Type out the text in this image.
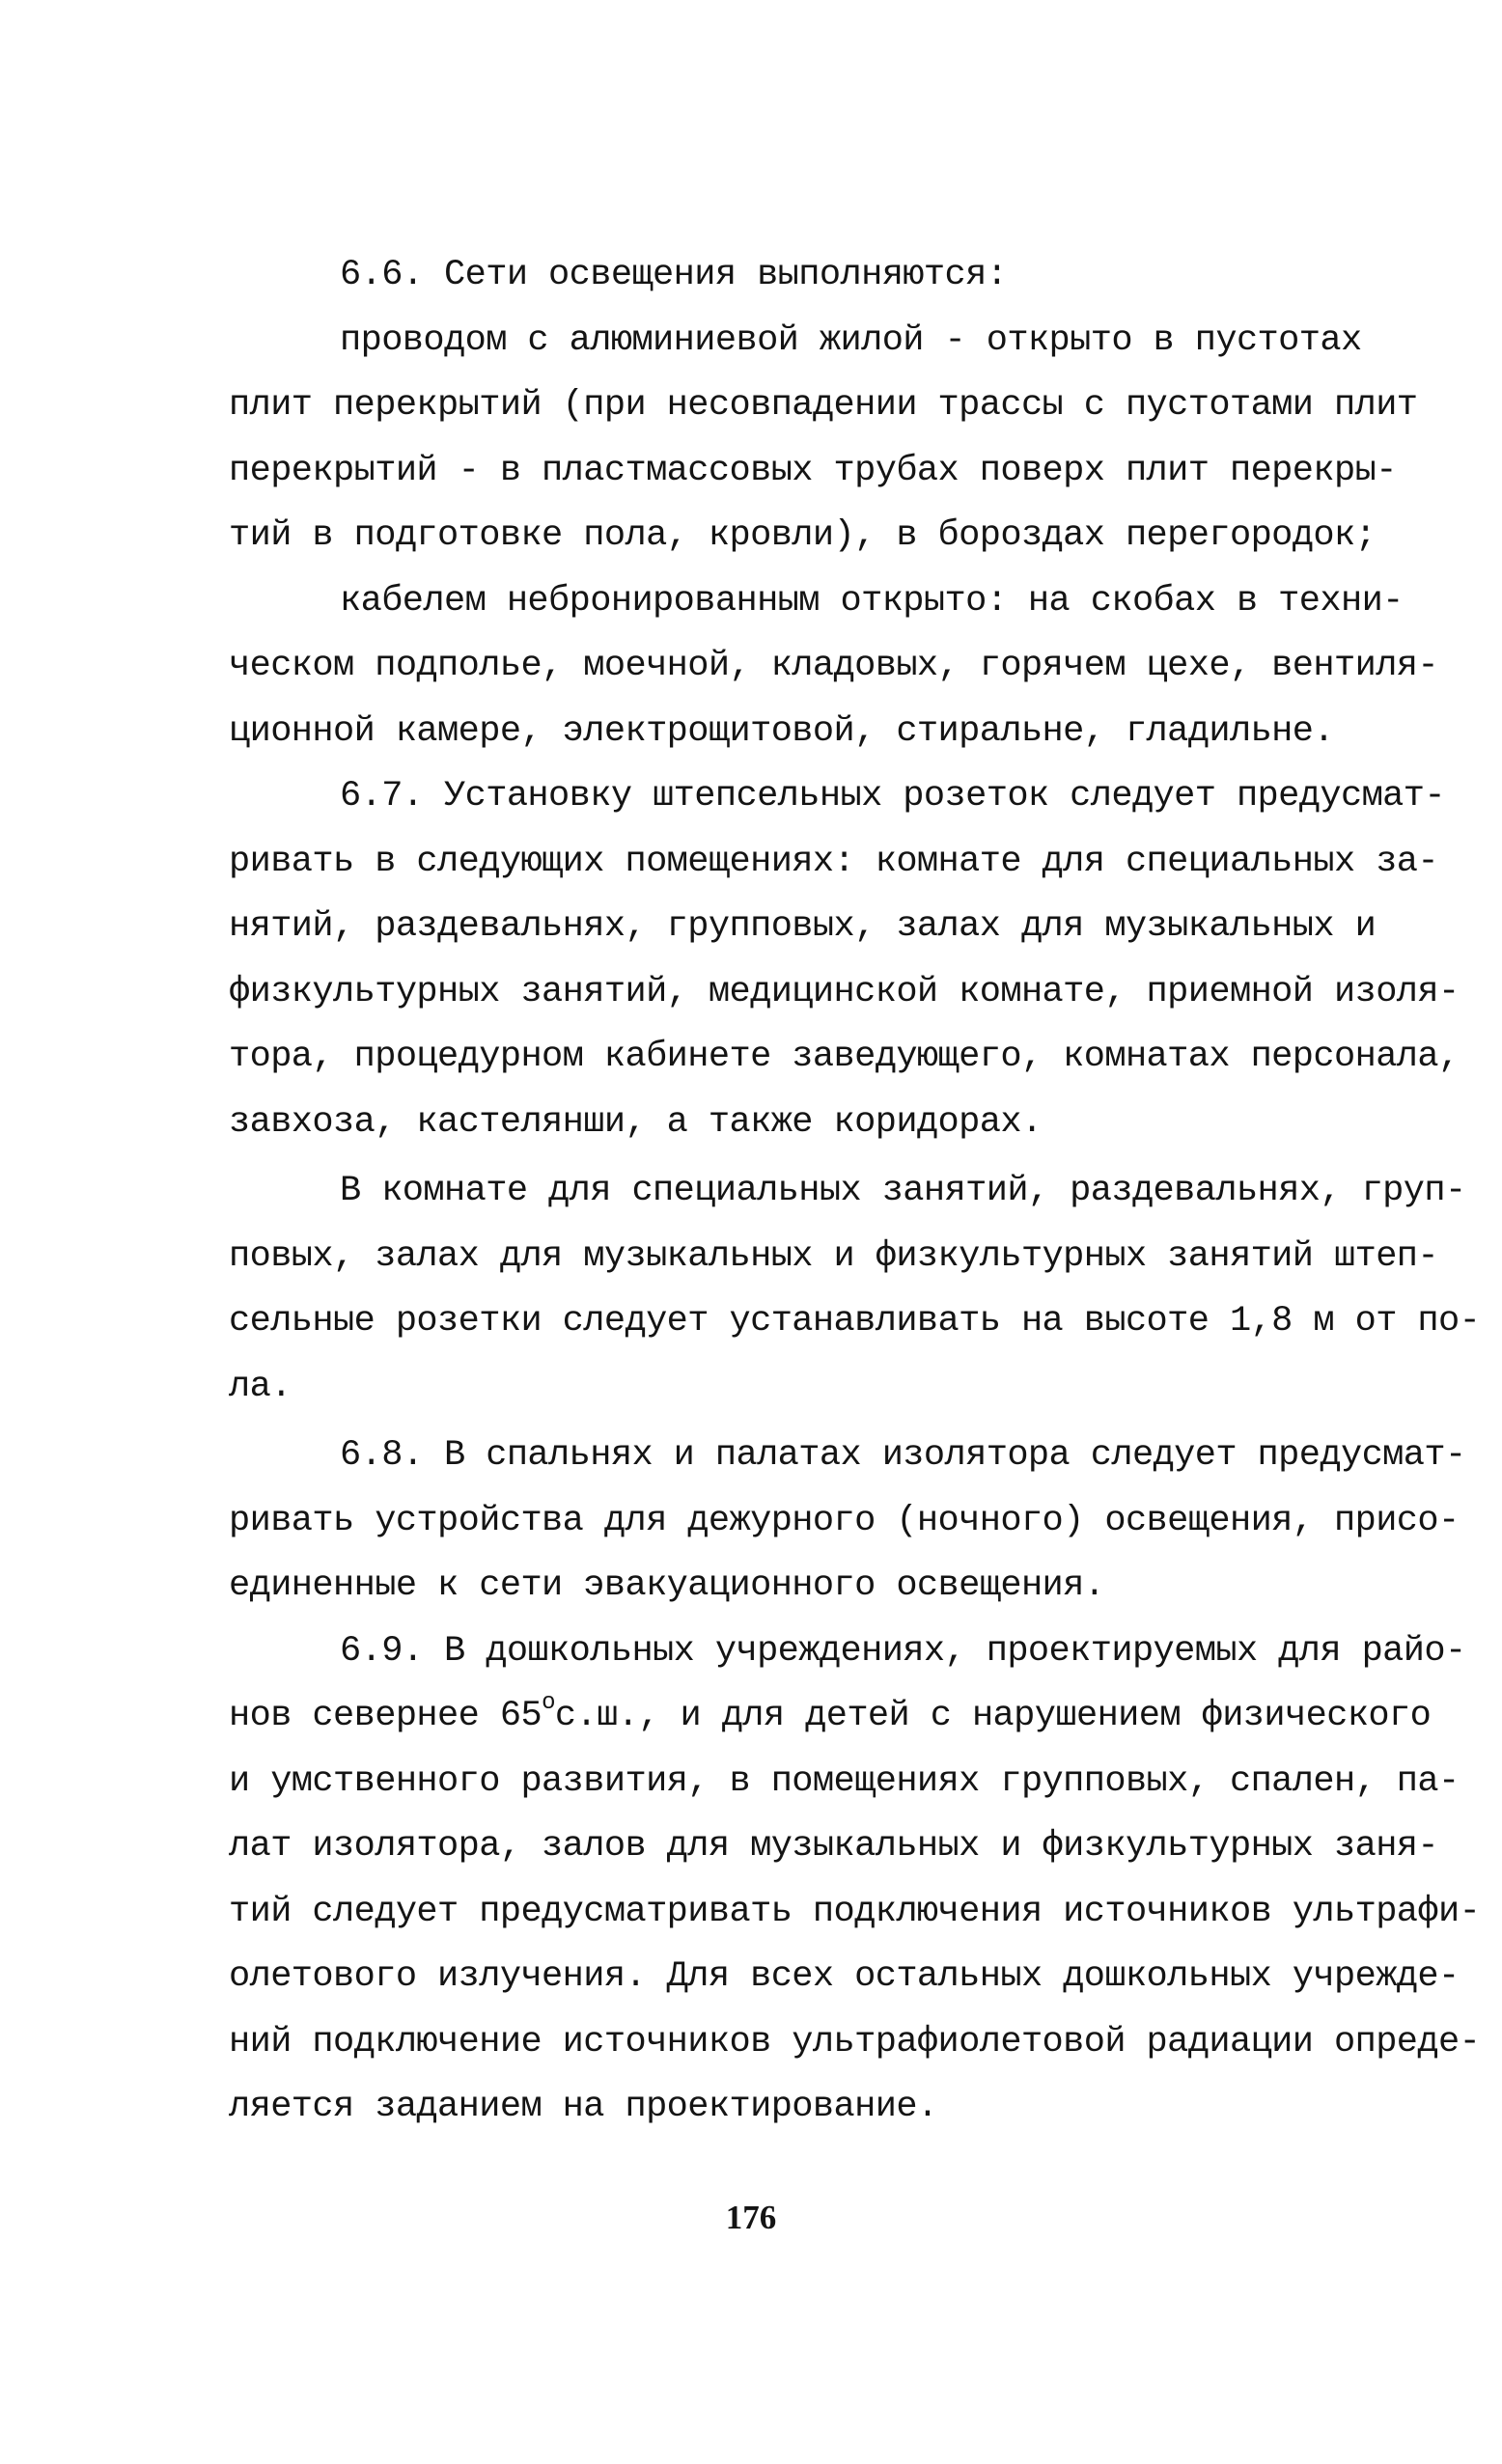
6.6. Сети освещения выполняются:
проводом с алюминиевой жилой - открыто в пустотах
плит перекрытий (при несовпадении трассы с пустотами плит
перекрытий - в пластмассовых трубах поверх плит перекры-
тий в подготовке пола, кровли), в бороздах перегородок;
кабелем небронированным открыто: на скобах в техни-
ческом подполье, моечной, кладовых, горячем цехе, вентиля-
ционной камере, электрощитовой, стиральне, гладильне.
6.7. Установку штепсельных розеток следует предусмат-
ривать в следующих помещениях: комнате для специальных за-
нятий, раздевальнях, групповых, залах для музыкальных и
физкультурных занятий, медицинской комнате, приемной изоля-
тора, процедурном кабинете заведующего, комнатах персонала,
завхоза, кастелянши, а также коридорах.
В комнате для специальных занятий, раздевальнях, груп-
повых, залах для музыкальных и физкультурных занятий штеп-
сельные розетки следует устанавливать на высоте 1,8 м от по-
ла.
6.8. В спальнях и палатах изолятора следует предусмат-
ривать устройства для дежурного (ночного) освещения, присо-
единенные к сети эвакуационного освещения.
6.9. В дошкольных учреждениях, проектируемых для райо-
нов севернее $65^ос.ш$., и для детей с нарушением физического
и умственного развития, в помещениях групповых, спален, па-
лат изолятора, залов для музыкальных и физкультурных заня-
тий следует предусматривать подключения источников ультрафи-
олетового излучения. Для всех остальных дошкольных учрежде-
ний подключение источников ультрафиолетовой радиации опреде-
ляется заданием на проектирование.
176
